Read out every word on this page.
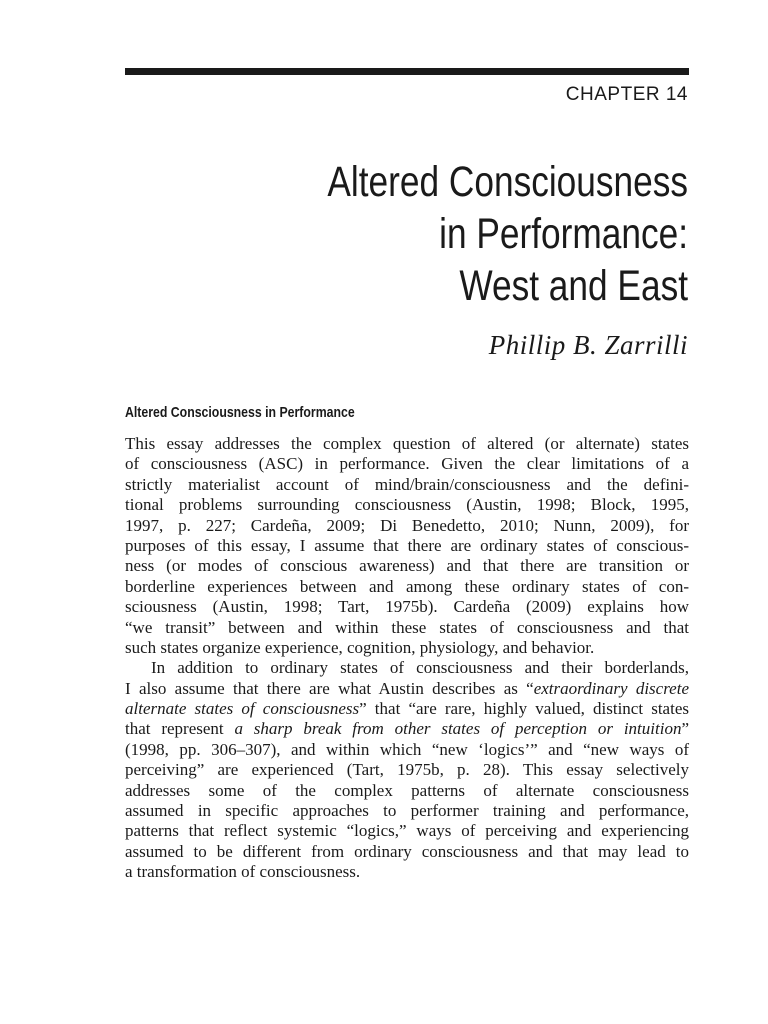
CHAPTER 14
Altered Consciousness
in Performance:
West and East
Phillip B. Zarrilli
Altered Consciousness in Performance
This essay addresses the complex question of altered (or alternate) states
of consciousness (ASC) in performance. Given the clear limitations of a
strictly materialist account of mind/brain/consciousness and the defini-
tional problems surrounding consciousness (Austin, 1998; Block, 1995,
1997, p. 227; Cardeña, 2009; Di Benedetto, 2010; Nunn, 2009), for
purposes of this essay, I assume that there are ordinary states of conscious-
ness (or modes of conscious awareness) and that there are transition or
borderline experiences between and among these ordinary states of con-
sciousness (Austin, 1998; Tart, 1975b). Cardeña (2009) explains how
“we transit” between and within these states of consciousness and that
such states organize experience, cognition, physiology, and behavior.
In addition to ordinary states of consciousness and their borderlands,
I also assume that there are what Austin describes as “extraordinary discrete
alternate states of consciousness” that “are rare, highly valued, distinct states
that represent a sharp break from other states of perception or intuition”
(1998, pp. 306–307), and within which “new ‘logics’” and “new ways of
perceiving” are experienced (Tart, 1975b, p. 28). This essay selectively
addresses some of the complex patterns of alternate consciousness
assumed in specific approaches to performer training and performance,
patterns that reflect systemic “logics,” ways of perceiving and experiencing
assumed to be different from ordinary consciousness and that may lead to
a transformation of consciousness.
